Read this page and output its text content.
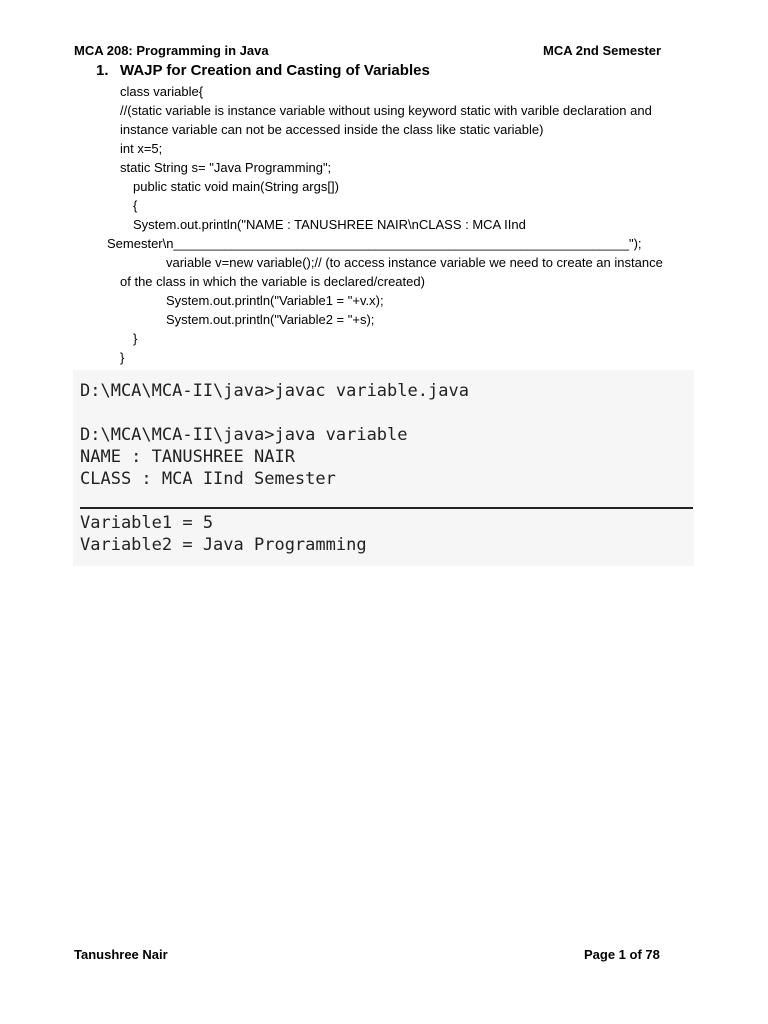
MCA 208: Programming in Java	MCA 2nd Semester
1. WAJP for Creation and Casting of Variables
class variable{
//(static variable is instance variable without using keyword static with varible declaration and
instance variable can not be accessed inside the class like static variable)
int x=5;
static String s= "Java Programming";
public static void main(String args[])
{
System.out.println("NAME : TANUSHREE NAIR\nCLASS : MCA IInd
Semester\n_______________________________________________________________");
variable v=new variable();// (to access instance variable we need to create an instance
of the class in which the variable is declared/created)
System.out.println("Variable1 = "+v.x);
System.out.println("Variable2 = "+s);
}
}
D:\MCA\MCA-II\java>javac variable.java
D:\MCA\MCA-II\java>java variable
NAME : TANUSHREE NAIR
CLASS : MCA IInd Semester
Variable1 = 5
Variable2 = Java Programming
Tanushree Nair	Page 1 of 78
